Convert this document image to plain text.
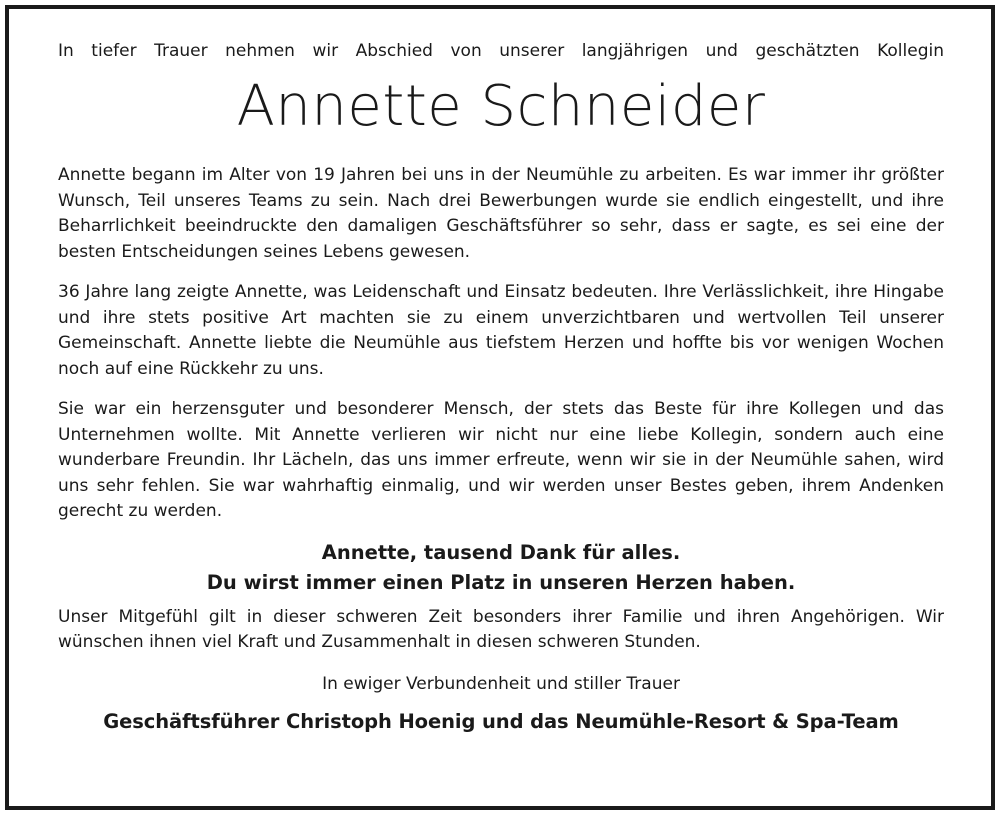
In tiefer Trauer nehmen wir Abschied von unserer langjährigen und geschätzten Kollegin
Annette Schneider

Annette begann im Alter von 19 Jahren bei uns in der Neumühle zu arbeiten. Es war immer ihr größter Wunsch, Teil unseres Teams zu sein. Nach drei Bewerbungen wurde sie endlich eingestellt, und ihre Beharrlichkeit beeindruckte den damaligen Geschäftsführer so sehr, dass er sagte, es sei eine der besten Entscheidungen seines Lebens gewesen.

36 Jahre lang zeigte Annette, was Leidenschaft und Einsatz bedeuten. Ihre Verlässlichkeit, ihre Hingabe und ihre stets positive Art machten sie zu einem unverzichtbaren und wertvollen Teil unserer Gemeinschaft. Annette liebte die Neumühle aus tiefstem Herzen und hoffte bis vor wenigen Wochen noch auf eine Rückkehr zu uns.

Sie war ein herzensguter und besonderer Mensch, der stets das Beste für ihre Kollegen und das Unternehmen wollte. Mit Annette verlieren wir nicht nur eine liebe Kollegin, sondern auch eine wunderbare Freundin. Ihr Lächeln, das uns immer erfreute, wenn wir sie in der Neumühle sahen, wird uns sehr fehlen. Sie war wahrhaftig einmalig, und wir werden unser Bestes geben, ihrem Andenken gerecht zu werden.

Annette, tausend Dank für alles.
Du wirst immer einen Platz in unseren Herzen haben.

Unser Mitgefühl gilt in dieser schweren Zeit besonders ihrer Familie und ihren Angehörigen. Wir wünschen ihnen viel Kraft und Zusammenhalt in diesen schweren Stunden.

In ewiger Verbundenheit und stiller Trauer
Geschäftsführer Christoph Hoenig und das Neumühle-Resort & Spa-Team
